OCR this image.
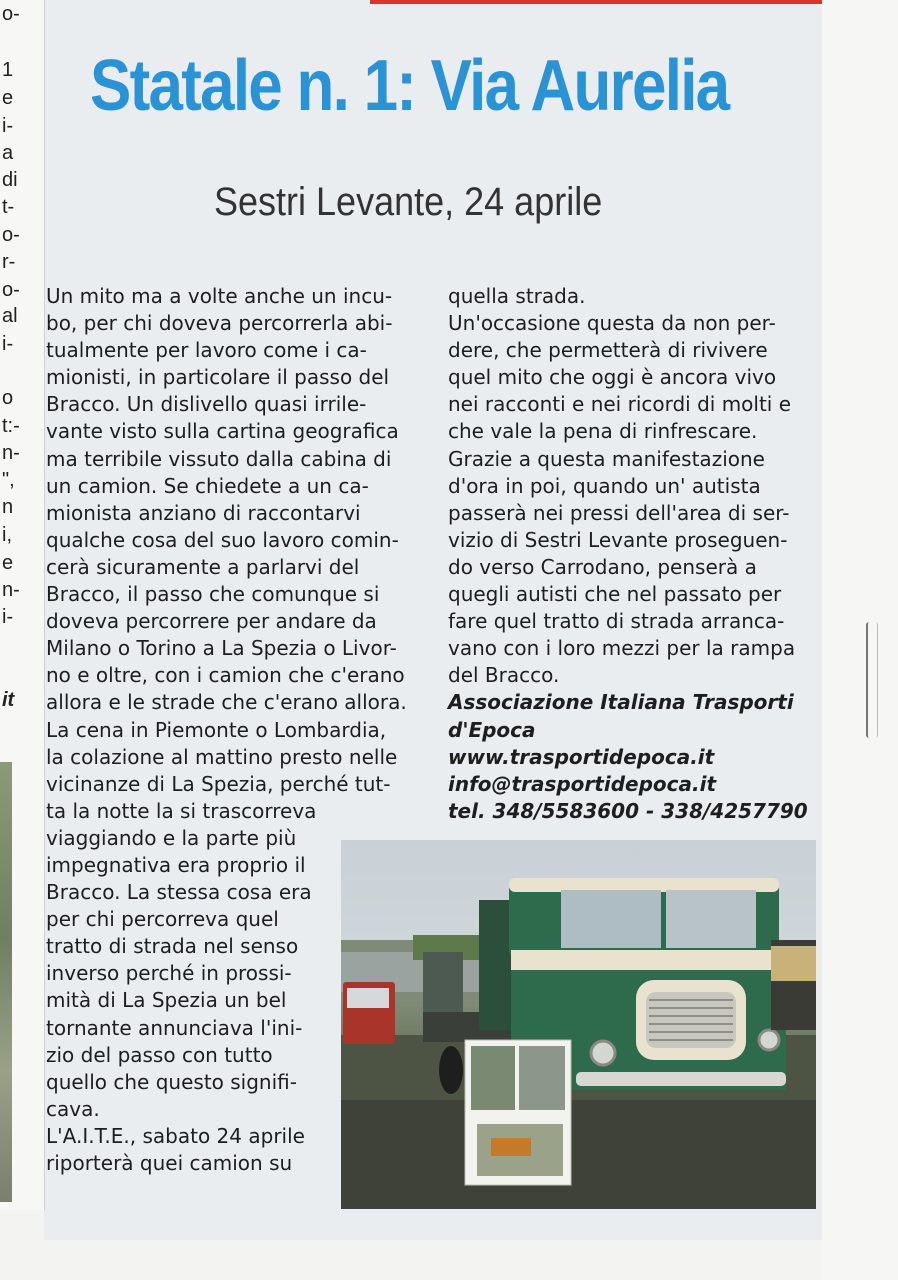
o-
1
e
i-
a
di
t-
o-
r-
o-
al
i-
o
t:-
n-
",
n
i,
e
n-
i-
it
Statale n. 1: Via Aurelia

Sestri Levante, 24 aprile

Un mito ma a volte anche un incu-
bo, per chi doveva percorrerla abi-
tualmente per lavoro come i ca-
mionisti, in particolare il passo del
Bracco. Un dislivello quasi irrile-
vante visto sulla cartina geografica
ma terribile vissuto dalla cabina di
un camion. Se chiedete a un ca-
mionista anziano di raccontarvi
qualche cosa del suo lavoro comin-
cerà sicuramente a parlarvi del
Bracco, il passo che comunque si
doveva percorrere per andare da
Milano o Torino a La Spezia o Livor-
no e oltre, con i camion che c'erano
allora e le strade che c'erano allora.
La cena in Piemonte o Lombardia,
la colazione al mattino presto nelle
vicinanze di La Spezia, perché tut-
ta la notte la si trascorreva
viaggiando e la parte più
impegnativa era proprio il
Bracco. La stessa cosa era
per chi percorreva quel
tratto di strada nel senso
inverso perché in prossi-
mità di La Spezia un bel
tornante annunciava l'ini-
zio del passo con tutto
quello che questo signifi-
cava.
L'A.I.T.E., sabato 24 aprile
riporterà quei camion su
quella strada.
Un'occasione questa da non per-
dere, che permetterà di rivivere
quel mito che oggi è ancora vivo
nei racconti e nei ricordi di molti e
che vale la pena di rinfrescare.
Grazie a questa manifestazione
d'ora in poi, quando un' autista
passerà nei pressi dell'area di ser-
vizio di Sestri Levante proseguen-
do verso Carrodano, penserà a
quegli autisti che nel passato per
fare quel tratto di strada arranca-
vano con i loro mezzi per la rampa
del Bracco.
Associazione Italiana Trasporti
d'Epoca
www.trasportidepoca.it
info@trasportidepoca.it
tel. 348/5583600 - 338/4257790
